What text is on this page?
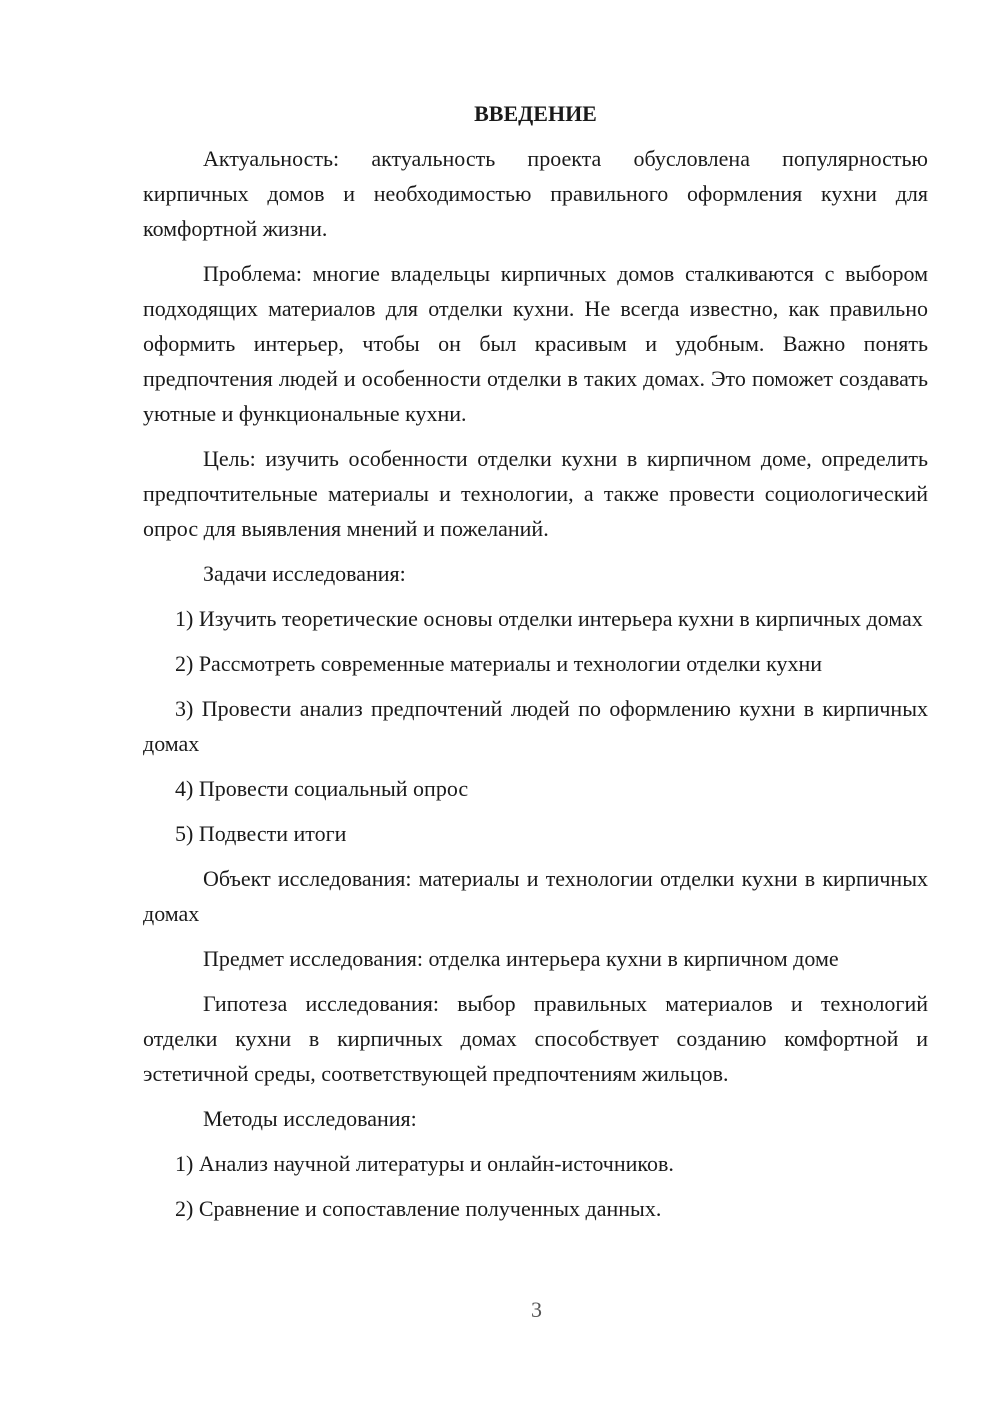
ВВЕДЕНИЕ

Актуальность: актуальность проекта обусловлена популярностью кирпичных домов и необходимостью правильного оформления кухни для комфортной жизни.

Проблема: многие владельцы кирпичных домов сталкиваются с выбором подходящих материалов для отделки кухни. Не всегда известно, как правильно оформить интерьер, чтобы он был красивым и удобным. Важно понять предпочтения людей и особенности отделки в таких домах. Это поможет создавать уютные и функциональные кухни.

Цель: изучить особенности отделки кухни в кирпичном доме, определить предпочтительные материалы и технологии, а также провести социологический опрос для выявления мнений и пожеланий.

Задачи исследования:

1) Изучить теоретические основы отделки интерьера кухни в кирпичных домах

2) Рассмотреть современные материалы и технологии отделки кухни

3) Провести анализ предпочтений людей по оформлению кухни в кирпичных домах

4) Провести социальный опрос

5) Подвести итоги

Объект исследования: материалы и технологии отделки кухни в кирпичных домах

Предмет исследования: отделка интерьера кухни в кирпичном доме

Гипотеза исследования: выбор правильных материалов и технологий отделки кухни в кирпичных домах способствует созданию комфортной и эстетичной среды, соответствующей предпочтениям жильцов.

Методы исследования:

1) Анализ научной литературы и онлайн-источников.

2) Сравнение и сопоставление полученных данных.

3
